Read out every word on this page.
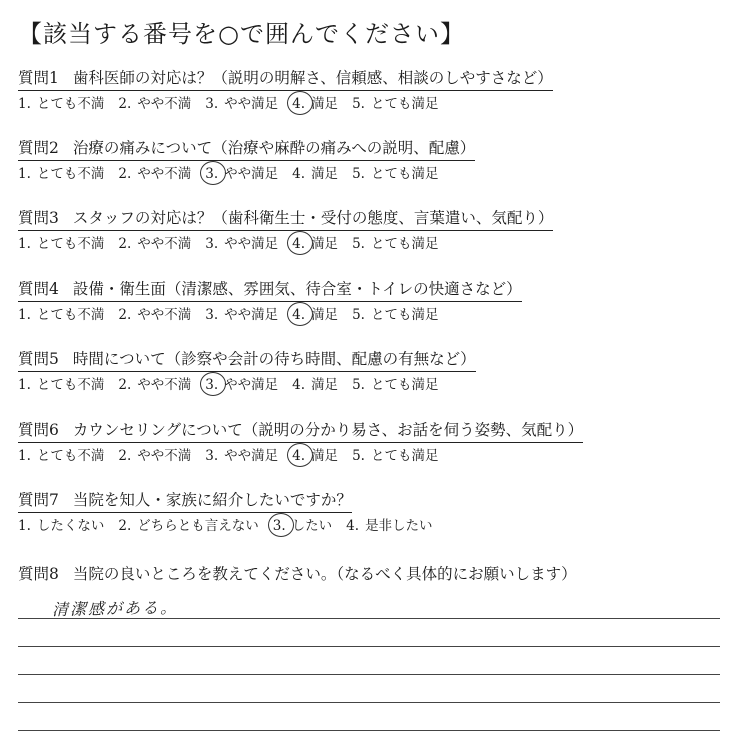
【該当する番号を○で囲んでください】
質問1 歯科医師の対応は？（説明の明解さ、信頼感、相談のしやすさなど）
1. とても不満 2. やや不満 3. やや満足 4. 満足 5. とても満足
質問2 治療の痛みについて（治療や麻酔の痛みへの説明、配慮）
1. とても不満 2. やや不満 3. やや満足 4. 満足 5. とても満足
質問3 スタッフの対応は？（歯科衛生士・受付の態度、言葉遣い、気配り）
1. とても不満 2. やや不満 3. やや満足 4. 満足 5. とても満足
質問4 設備・衛生面（清潔感、雰囲気、待合室・トイレの快適さなど）
1. とても不満 2. やや不満 3. やや満足 4. 満足 5. とても満足
質問5 時間について（診察や会計の待ち時間、配慮の有無など）
1. とても不満 2. やや不満 3. やや満足 4. 満足 5. とても満足
質問6 カウンセリングについて（説明の分かり易さ、お話を伺う姿勢、気配り）
1. とても不満 2. やや不満 3. やや満足 4. 満足 5. とても満足
質問7 当院を知人・家族に紹介したいですか？
1. したくない 2. どちらとも言えない 3. したい 4. 是非したい
質問8 当院の良いところを教えてください。（なるべく具体的にお願いします）
清潔感がある。
